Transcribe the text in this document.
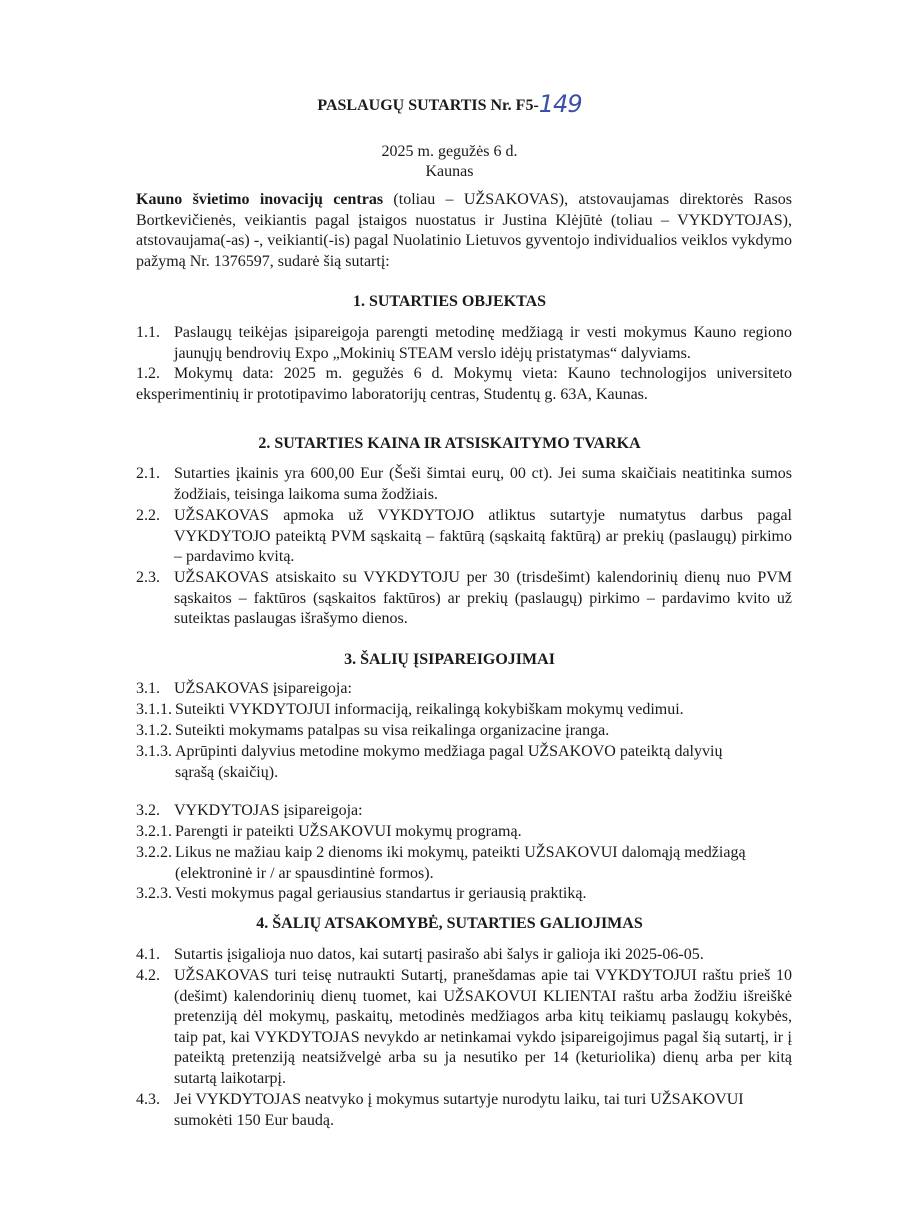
PASLAUGŲ SUTARTIS Nr. F5-149
2025 m. gegužės 6 d.
Kaunas
Kauno švietimo inovacijų centras (toliau – UŽSAKOVAS), atstovaujamas direktorės Rasos Bortkevičienės, veikiantis pagal įstaigos nuostatus ir Justina Klėjūtė (toliau – VYKDYTOJAS), atstovaujama(-as) -, veikianti(-is) pagal Nuolatinio Lietuvos gyventojo individualios veiklos vykdymo pažymą Nr. 1376597, sudarė šią sutartį:
1. SUTARTIES OBJEKTAS
1.1. Paslaugų teikėjas įsipareigoja parengti metodinę medžiagą ir vesti mokymus Kauno regiono jaunųjų bendrovių Expo „Mokinių STEAM verslo idėjų pristatymas“ dalyviams.
1.2. Mokymų data: 2025 m. gegužės 6 d. Mokymų vieta: Kauno technologijos universiteto eksperimentinių ir prototipavimo laboratorijų centras, Studentų g. 63A, Kaunas.
2. SUTARTIES KAINA IR ATSISKAITYMO TVARKA
2.1. Sutarties įkainis yra 600,00 Eur (Šeši šimtai eurų, 00 ct). Jei suma skaičiais neatitinka sumos žodžiais, teisinga laikoma suma žodžiais.
2.2. UŽSAKOVAS apmoka už VYKDYTOJO atliktus sutartyje numatytus darbus pagal VYKDYTOJO pateiktą PVM sąskaitą – faktūrą (sąskaitą faktūrą) ar prekių (paslaugų) pirkimo – pardavimo kvitą.
2.3. UŽSAKOVAS atsiskaito su VYKDYTOJU per 30 (trisdešimt) kalendorinių dienų nuo PVM sąskaitos – faktūros (sąskaitos faktūros) ar prekių (paslaugų) pirkimo – pardavimo kvito už suteiktas paslaugas išrašymo dienos.
3. ŠALIŲ ĮSIPAREIGOJIMAI
3.1. UŽSAKOVAS įsipareigoja:
3.1.1. Suteikti VYKDYTOJUI informaciją, reikalingą kokybiškam mokymų vedimui.
3.1.2. Suteikti mokymams patalpas su visa reikalinga organizacine įranga.
3.1.3. Aprūpinti dalyvius metodine mokymo medžiaga pagal UŽSAKOVO pateiktą dalyvių sąrašą (skaičių).
3.2. VYKDYTOJAS įsipareigoja:
3.2.1. Parengti ir pateikti UŽSAKOVUI mokymų programą.
3.2.2. Likus ne mažiau kaip 2 dienoms iki mokymų, pateikti UŽSAKOVUI dalomąją medžiagą (elektroninė ir / ar spausdintinė formos).
3.2.3. Vesti mokymus pagal geriausius standartus ir geriausią praktiką.
4. ŠALIŲ ATSAKOMYBĖ, SUTARTIES GALIOJIMAS
4.1. Sutartis įsigalioja nuo datos, kai sutartį pasirašo abi šalys ir galioja iki 2025-06-05.
4.2. UŽSAKOVAS turi teisę nutraukti Sutartį, pranešdamas apie tai VYKDYTOJUI raštu prieš 10 (dešimt) kalendorinių dienų tuomet, kai UŽSAKOVUI KLIENTAI raštu arba žodžiu išreiškė pretenziją dėl mokymų, paskaitų, metodinės medžiagos arba kitų teikiamų paslaugų kokybės, taip pat, kai VYKDYTOJAS nevykdo ar netinkamai vykdo įsipareigojimus pagal šią sutartį, ir į pateiktą pretenziją neatsižvelgė arba su ja nesutiko per 14 (keturiolika) dienų arba per kitą sutartą laikotarpį.
4.3. Jei VYKDYTOJAS neatvyko į mokymus sutartyje nurodytu laiku, tai turi UŽSAKOVUI sumokėti 150 Eur baudą.
